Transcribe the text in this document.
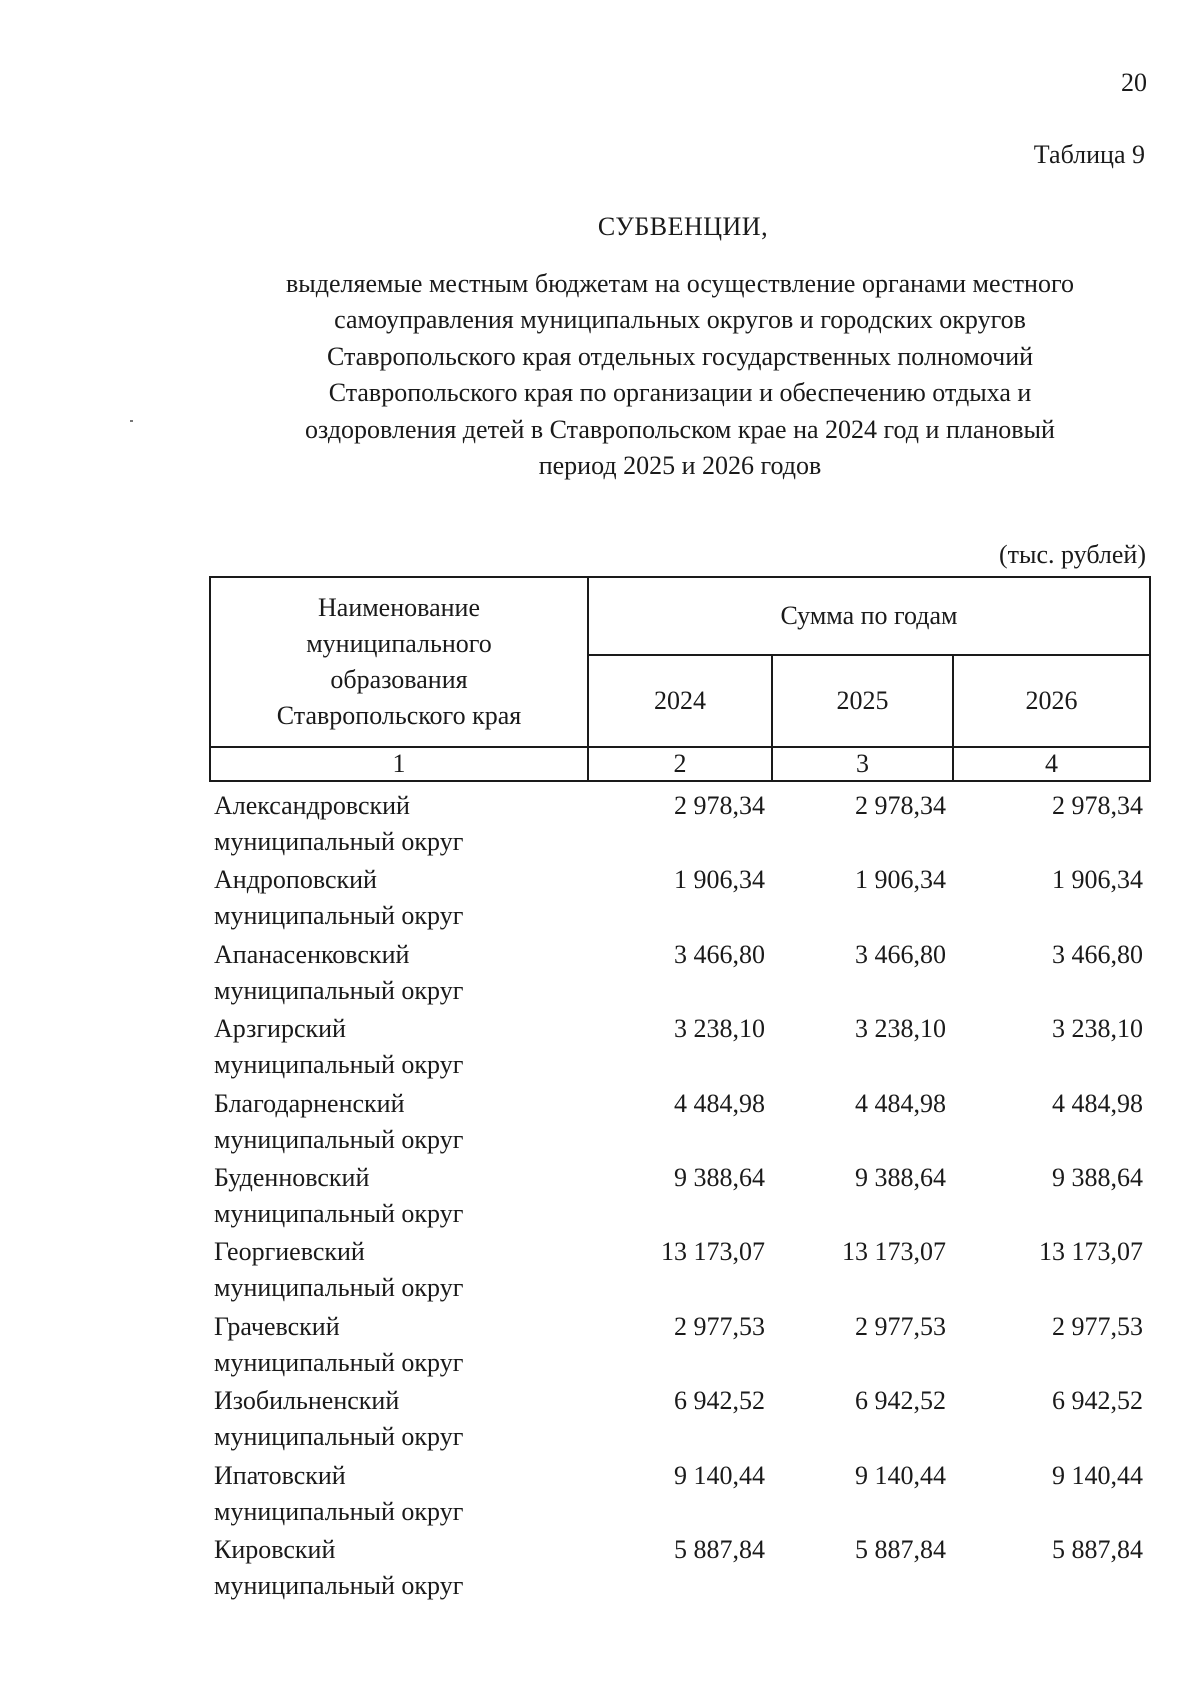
20
Таблица 9
СУБВЕНЦИИ,

выделяемые местным бюджетам на осуществление органами местного
самоуправления муниципальных округов и городских округов
Ставропольского края отдельных государственных полномочий
Ставропольского края по организации и обеспечению отдыха и
оздоровления детей в Ставропольском крае на 2024 год и плановый
период 2025 и 2026 годов

(тыс. рублей)
Наименование
муниципального
образования
Ставропольского края	Сумма по годам		
	2024	2025	2026
1	2	3	4
Александровский
муниципальный округ
2 978,34	2 978,34	2 978,34
Андроповский
муниципальный округ
1 906,34	1 906,34	1 906,34
Апанасенковский
муниципальный округ
3 466,80	3 466,80	3 466,80
Арзгирский
муниципальный округ
3 238,10	3 238,10	3 238,10
Благодарненский
муниципальный округ
4 484,98	4 484,98	4 484,98
Буденновский
муниципальный округ
9 388,64	9 388,64	9 388,64
Георгиевский
муниципальный округ
13 173,07	13 173,07	13 173,07
Грачевский
муниципальный округ
2 977,53	2 977,53	2 977,53
Изобильненский
муниципальный округ
6 942,52	6 942,52	6 942,52
Ипатовский
муниципальный округ
9 140,44	9 140,44	9 140,44
Кировский
муниципальный округ
5 887,84	5 887,84	5 887,84
